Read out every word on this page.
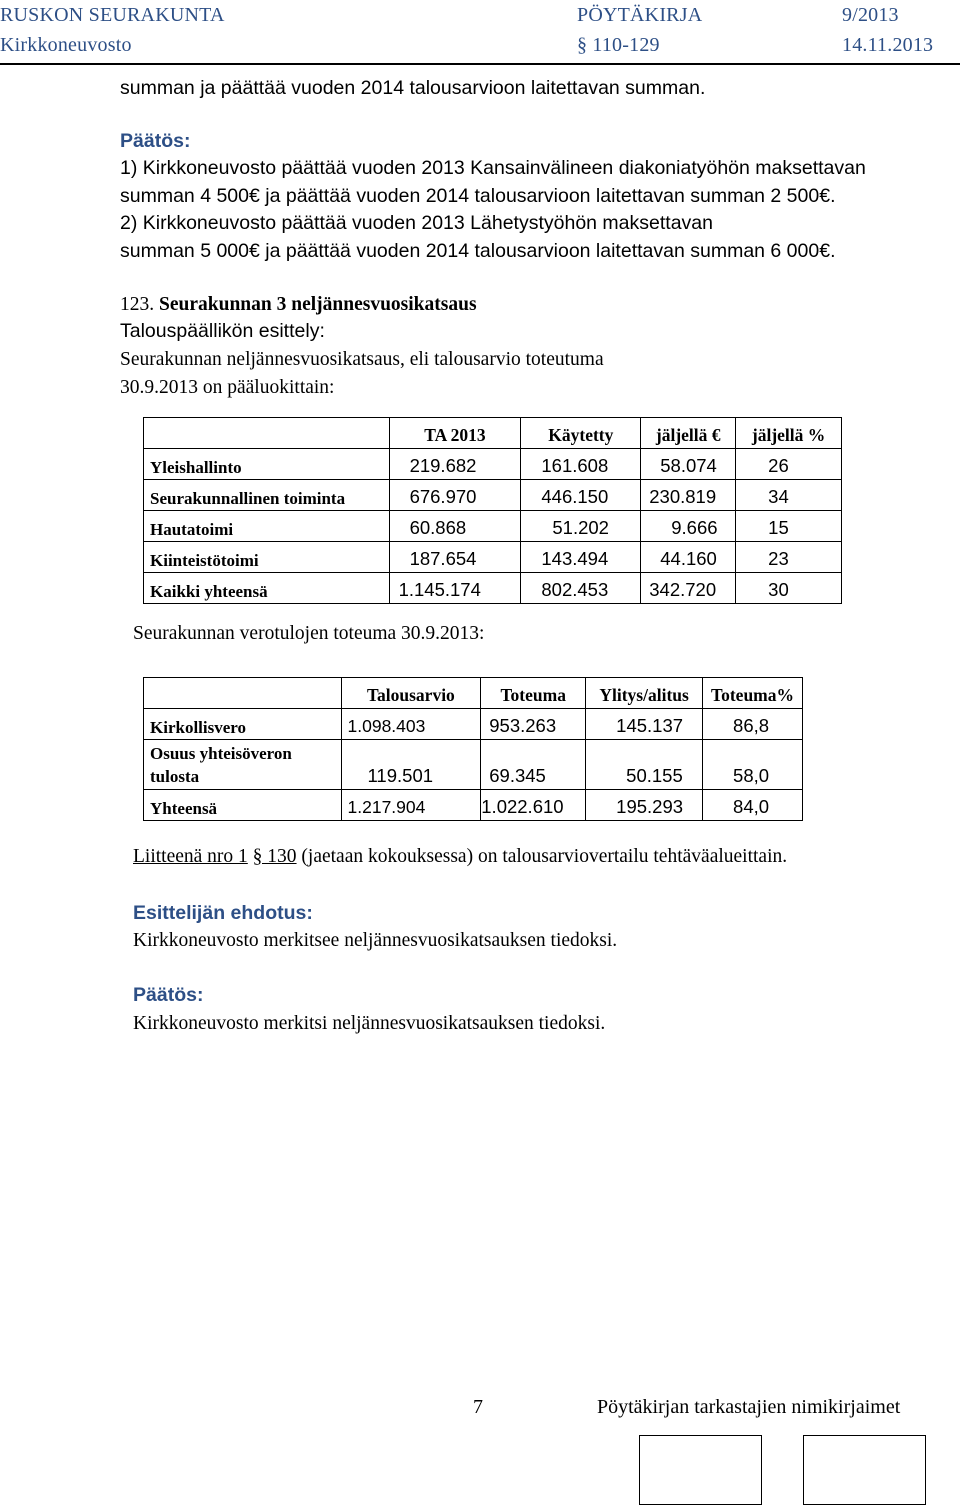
RUSKON SEURAKUNTA	PÖYTÄKIRJA	9/2013
Kirkkoneuvosto	§ 110-129	14.11.2013
summan ja päättää vuoden 2014 talousarvioon laitettavan summan.
Päätös:
1) Kirkkoneuvosto päättää vuoden 2013 Kansainvälineen diakoniatyöhön maksettavan
summan 4 500€ ja päättää vuoden 2014 talousarvioon laitettavan summan 2 500€.
2) Kirkkoneuvosto päättää vuoden 2013 Lähetystyöhön maksettavan
summan 5 000€ ja päättää vuoden 2014 talousarvioon laitettavan summan 6 000€.
123. Seurakunnan 3 neljännesvuosikatsaus
Talouspäällikön esittely:
Seurakunnan neljännesvuosikatsaus, eli talousarvio toteutuma
30.9.2013 on pääluokittain:
	TA 2013	Käytetty	jäljellä €	jäljellä %
Yleishallinto	219.682	161.608	58.074	26
Seurakunnallinen toiminta	676.970	446.150	230.819	34
Hautatoimi	60.868	51.202	9.666	15
Kiinteistötoimi	187.654	143.494	44.160	23
Kaikki yhteensä	1.145.174	802.453	342.720	30
Seurakunnan verotulojen toteuma 30.9.2013:
	Talousarvio	Toteuma	Ylitys/alitus	Toteuma%
Kirkollisvero	1.098.403	953.263	145.137	86,8
Osuus yhteisöveron tulosta	119.501	69.345	50.155	58,0
Yhteensä	1.217.904	1.022.610	195.293	84,0
Liitteenä nro 1 § 130 (jaetaan kokouksessa) on talousarviovertailu tehtäväalueittain.
Esittelijän ehdotus:
Kirkkoneuvosto merkitsee neljännesvuosikatsauksen tiedoksi.
Päätös:
Kirkkoneuvosto merkitsi neljännesvuosikatsauksen tiedoksi.
7	Pöytäkirjan tarkastajien nimikirjaimet
